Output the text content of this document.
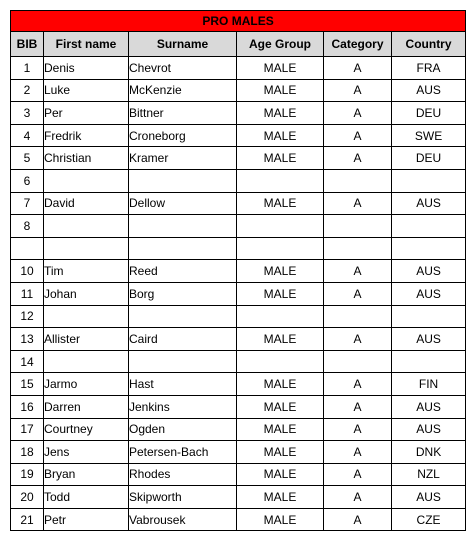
PRO MALES					
BIB	First name	Surname	Age Group	Category	Country
1	Denis	Chevrot	MALE	A	FRA
2	Luke	McKenzie	MALE	A	AUS
3	Per	Bittner	MALE	A	DEU
4	Fredrik	Croneborg	MALE	A	SWE
5	Christian	Kramer	MALE	A	DEU
6					
7	David	Dellow	MALE	A	AUS
8					

10	Tim	Reed	MALE	A	AUS
11	Johan	Borg	MALE	A	AUS
12					
13	Allister	Caird	MALE	A	AUS
14					
15	Jarmo	Hast	MALE	A	FIN
16	Darren	Jenkins	MALE	A	AUS
17	Courtney	Ogden	MALE	A	AUS
18	Jens	Petersen-Bach	MALE	A	DNK
19	Bryan	Rhodes	MALE	A	NZL
20	Todd	Skipworth	MALE	A	AUS
21	Petr	Vabrousek	MALE	A	CZE
